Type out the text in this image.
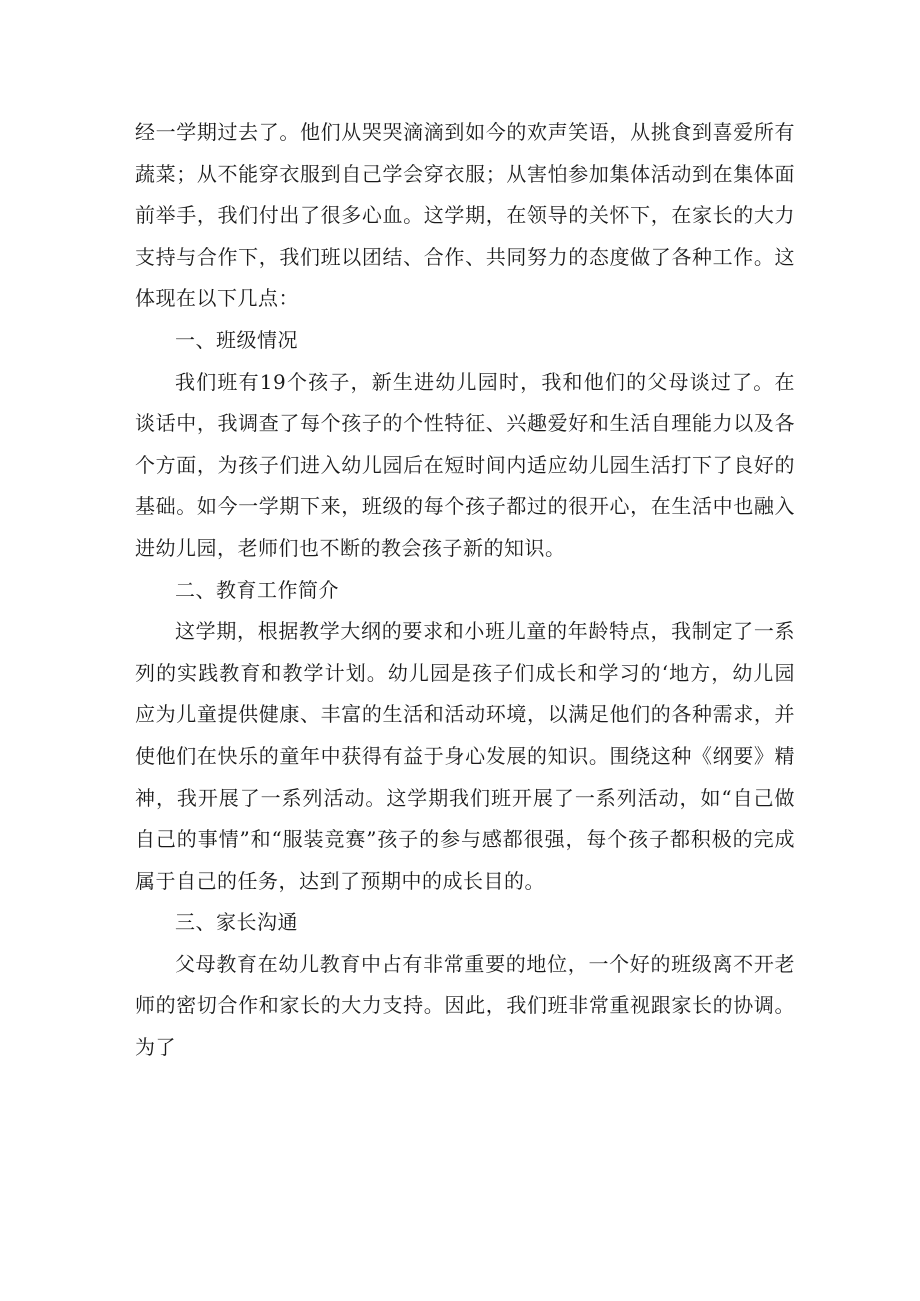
经一学期过去了。他们从哭哭滴滴到如今的欢声笑语，从挑食到喜爱所有蔬菜；从不能穿衣服到自己学会穿衣服；从害怕参加集体活动到在集体面前举手，我们付出了很多心血。这学期，在领导的关怀下，在家长的大力支持与合作下，我们班以团结、合作、共同努力的态度做了各种工作。这体现在以下几点：

一、班级情况

我们班有19个孩子，新生进幼儿园时，我和他们的父母谈过了。在谈话中，我调查了每个孩子的个性特征、兴趣爱好和生活自理能力以及各个方面，为孩子们进入幼儿园后在短时间内适应幼儿园生活打下了良好的基础。如今一学期下来，班级的每个孩子都过的很开心，在生活中也融入进幼儿园，老师们也不断的教会孩子新的知识。

二、教育工作简介

这学期，根据教学大纲的要求和小班儿童的年龄特点，我制定了一系列的实践教育和教学计划。幼儿园是孩子们成长和学习的‘地方，幼儿园应为儿童提供健康、丰富的生活和活动环境，以满足他们的各种需求，并使他们在快乐的童年中获得有益于身心发展的知识。围绕这种《纲要》精神，我开展了一系列活动。这学期我们班开展了一系列活动，如“自己做自己的事情”和“服装竞赛”孩子的参与感都很强，每个孩子都积极的完成属于自己的任务，达到了预期中的成长目的。

三、家长沟通

父母教育在幼儿教育中占有非常重要的地位，一个好的班级离不开老师的密切合作和家长的大力支持。因此，我们班非常重视跟家长的协调。为了
